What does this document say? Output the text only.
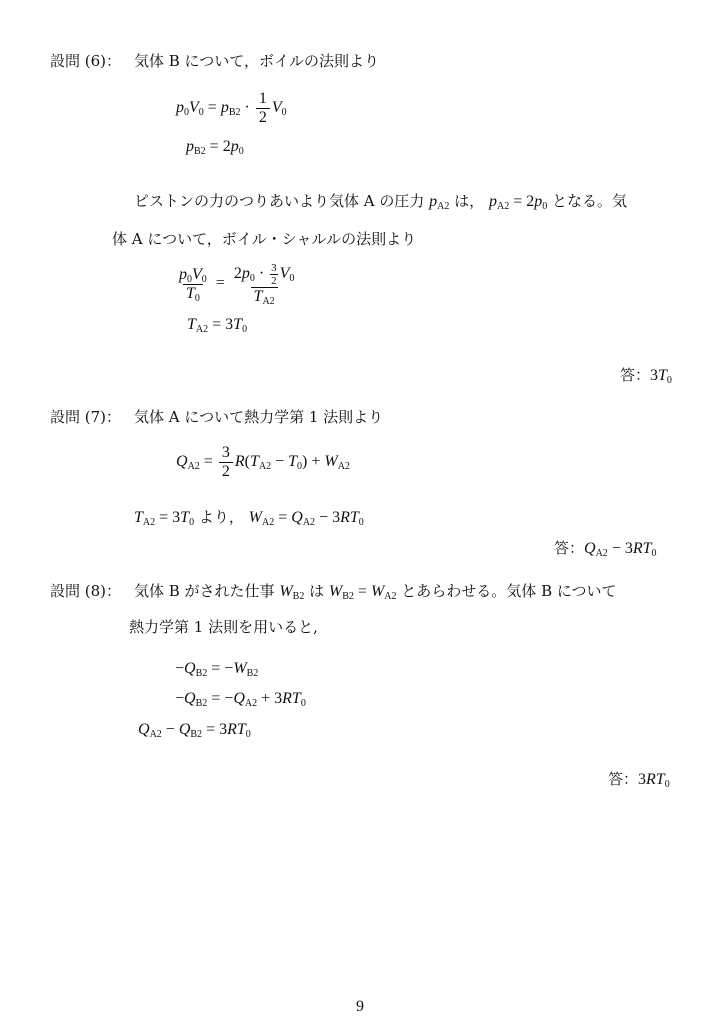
設問 (6)： 気体 B について，ボイルの法則より
$p_0V_0 = p_{B2} \cdot \frac{1}{2} V_0$
$p_{B2} = 2p_0$
ピストンの力のつりあいより気体 A の圧力 $p_{A2}$ は， $p_{A2} = 2p_0$ となる。気
体 A について，ボイル・シャルルの法則より
$\frac{p_0V_0}{T_0} = \frac{2p_0 \cdot \frac{3}{2} V_0}{T_{A2}}$
$T_{A2} = 3T_0$
答：$3T_0$
設問 (7)： 気体 A について熱力学第 1 法則より
$Q_{A2} = \frac{3}{2} R(T_{A2} - T_0) + W_{A2}$
$T_{A2} = 3T_0$ より， $W_{A2} = Q_{A2} - 3RT_0$
答：$Q_{A2} - 3RT_0$
設問 (8)： 気体 B がされた仕事 $W_{B2}$ は $W_{B2} = W_{A2}$ とあらわせる。気体 B について
熱力学第 1 法則を用いると,
$-Q_{B2} = -W_{B2}$
$-Q_{B2} = -Q_{A2} + 3RT_0$
$Q_{A2} - Q_{B2} = 3RT_0$
答：$3RT_0$
9
